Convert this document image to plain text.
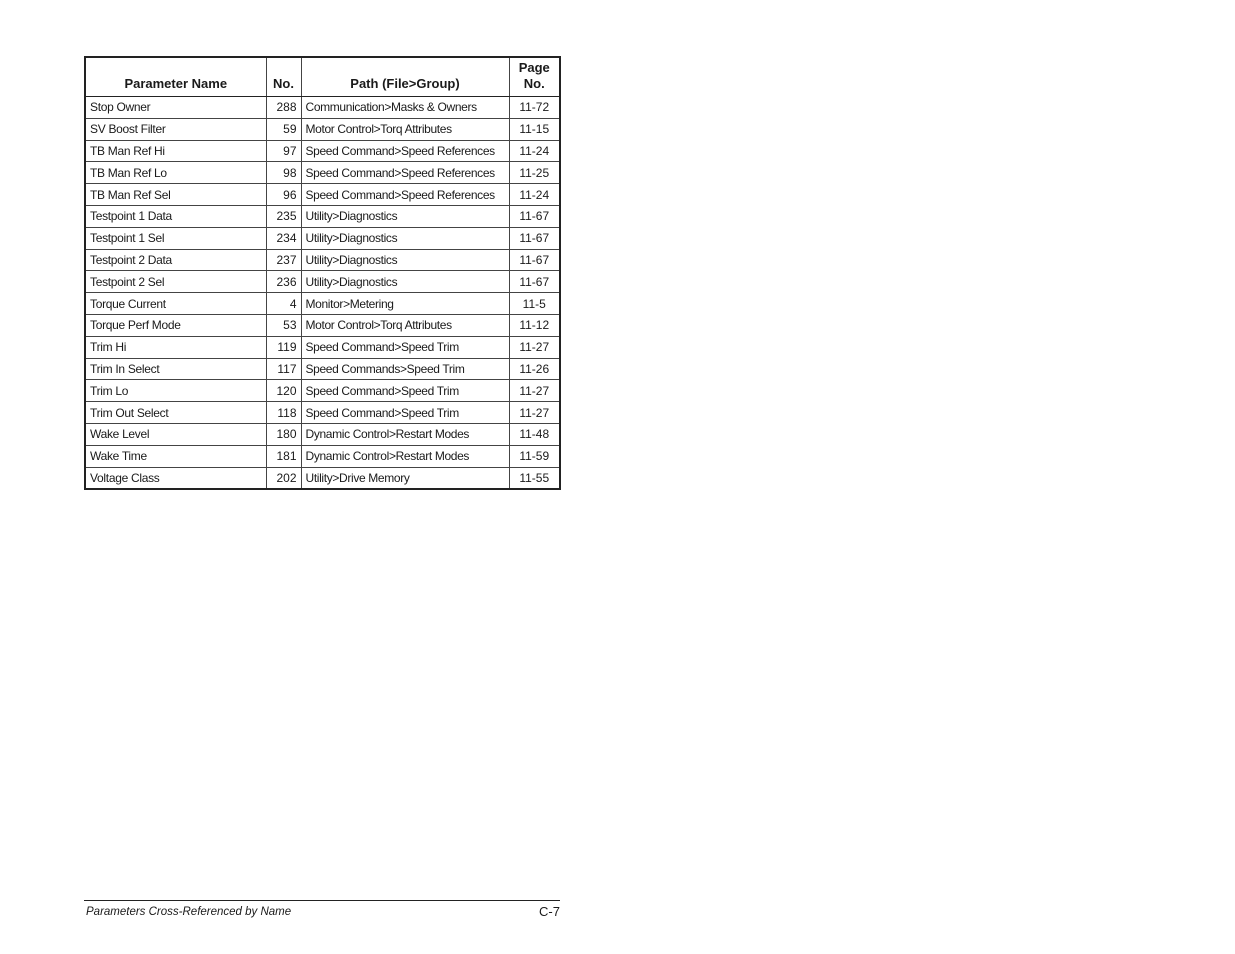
Parameter Name	No.	Path (File>Group)	Page
No.
Stop Owner	288	Communication>Masks & Owners	11-72
SV Boost Filter	59	Motor Control>Torq Attributes	11-15
TB Man Ref Hi	97	Speed Command>Speed References	11-24
TB Man Ref Lo	98	Speed Command>Speed References	11-25
TB Man Ref Sel	96	Speed Command>Speed References	11-24
Testpoint 1 Data	235	Utility>Diagnostics	11-67
Testpoint 1 Sel	234	Utility>Diagnostics	11-67
Testpoint 2 Data	237	Utility>Diagnostics	11-67
Testpoint 2 Sel	236	Utility>Diagnostics	11-67
Torque Current	4	Monitor>Metering	11-5
Torque Perf Mode	53	Motor Control>Torq Attributes	11-12
Trim Hi	119	Speed Command>Speed Trim	11-27
Trim In Select	117	Speed Commands>Speed Trim	11-26
Trim Lo	120	Speed Command>Speed Trim	11-27
Trim Out Select	118	Speed Command>Speed Trim	11-27
Wake Level	180	Dynamic Control>Restart Modes	11-48
Wake Time	181	Dynamic Control>Restart Modes	11-59
Voltage Class	202	Utility>Drive Memory	11-55
Parameters Cross-Referenced by Name	C-7
